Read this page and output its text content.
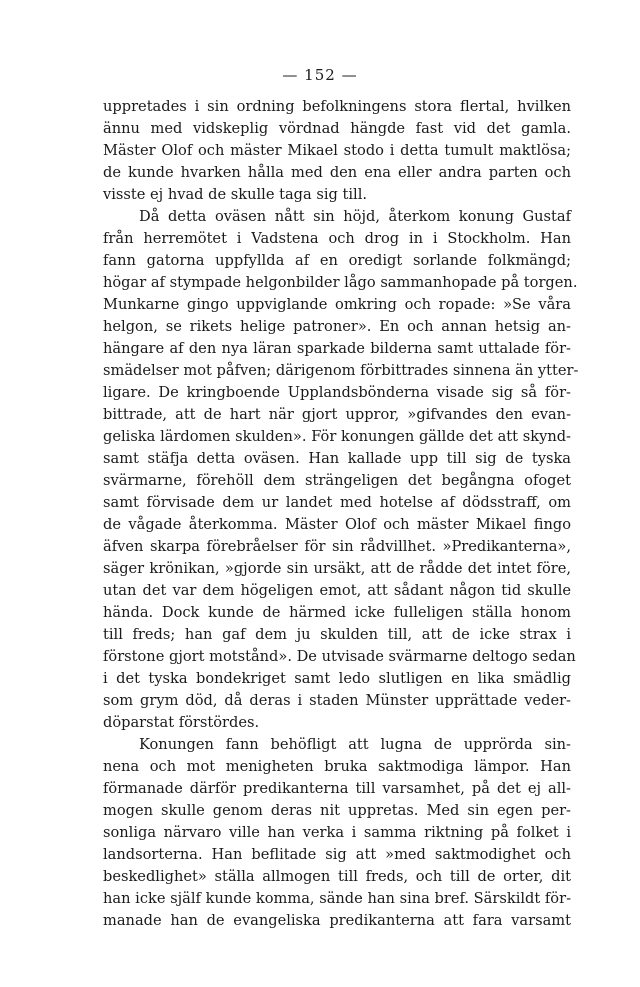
— 152 —
uppretades i sin ordning befolkningens stora flertal, hvilken
ännu med vidskeplig vördnad hängde fast vid det gamla.
Mäster Olof och mäster Mikael stodo i detta tumult maktlösa;
de kunde hvarken hålla med den ena eller andra parten och
visste ej hvad de skulle taga sig till.
Då detta oväsen nått sin höjd, återkom konung Gustaf
från herremötet i Vadstena och drog in i Stockholm. Han
fann gatorna uppfyllda af en oredigt sorlande folkmängd;
högar af stympade helgonbilder lågo sammanhopade på torgen.
Munkarne gingo uppviglande omkring och ropade: »Se våra
helgon, se rikets helige patroner». En och annan hetsig an-
hängare af den nya läran sparkade bilderna samt uttalade för-
smädelser mot påfven; därigenom förbittrades sinnena än ytter-
ligare. De kringboende Upplandsbönderna visade sig så för-
bittrade, att de hart när gjort uppror, »gifvandes den evan-
geliska lärdomen skulden». För konungen gällde det att skynd-
samt stäfja detta oväsen. Han kallade upp till sig de tyska
svärmarne, förehöll dem strängeligen det begångna ofoget
samt förvisade dem ur landet med hotelse af dödsstraff, om
de vågade återkomma. Mäster Olof och mäster Mikael fingo
äfven skarpa förebråelser för sin rådvillhet. »Predikanterna»,
säger krönikan, »gjorde sin ursäkt, att de rådde det intet före,
utan det var dem högeligen emot, att sådant någon tid skulle
hända. Dock kunde de härmed icke fulleligen ställa honom
till freds; han gaf dem ju skulden till, att de icke strax i
förstone gjort motstånd». De utvisade svärmarne deltogo sedan
i det tyska bondekriget samt ledo slutligen en lika smädlig
som grym död, då deras i staden Münster upprättade veder-
döparstat förstördes.
Konungen fann behöfligt att lugna de upprörda sin-
nena och mot menigheten bruka saktmodiga lämpor. Han
förmanade därför predikanterna till varsamhet, på det ej all-
mogen skulle genom deras nit uppretas. Med sin egen per-
sonliga närvaro ville han verka i samma riktning på folket i
landsorterna. Han beflitade sig att »med saktmodighet och
beskedlighet» ställa allmogen till freds, och till de orter, dit
han icke själf kunde komma, sände han sina bref. Särskildt för-
manade han de evangeliska predikanterna att fara varsamt
